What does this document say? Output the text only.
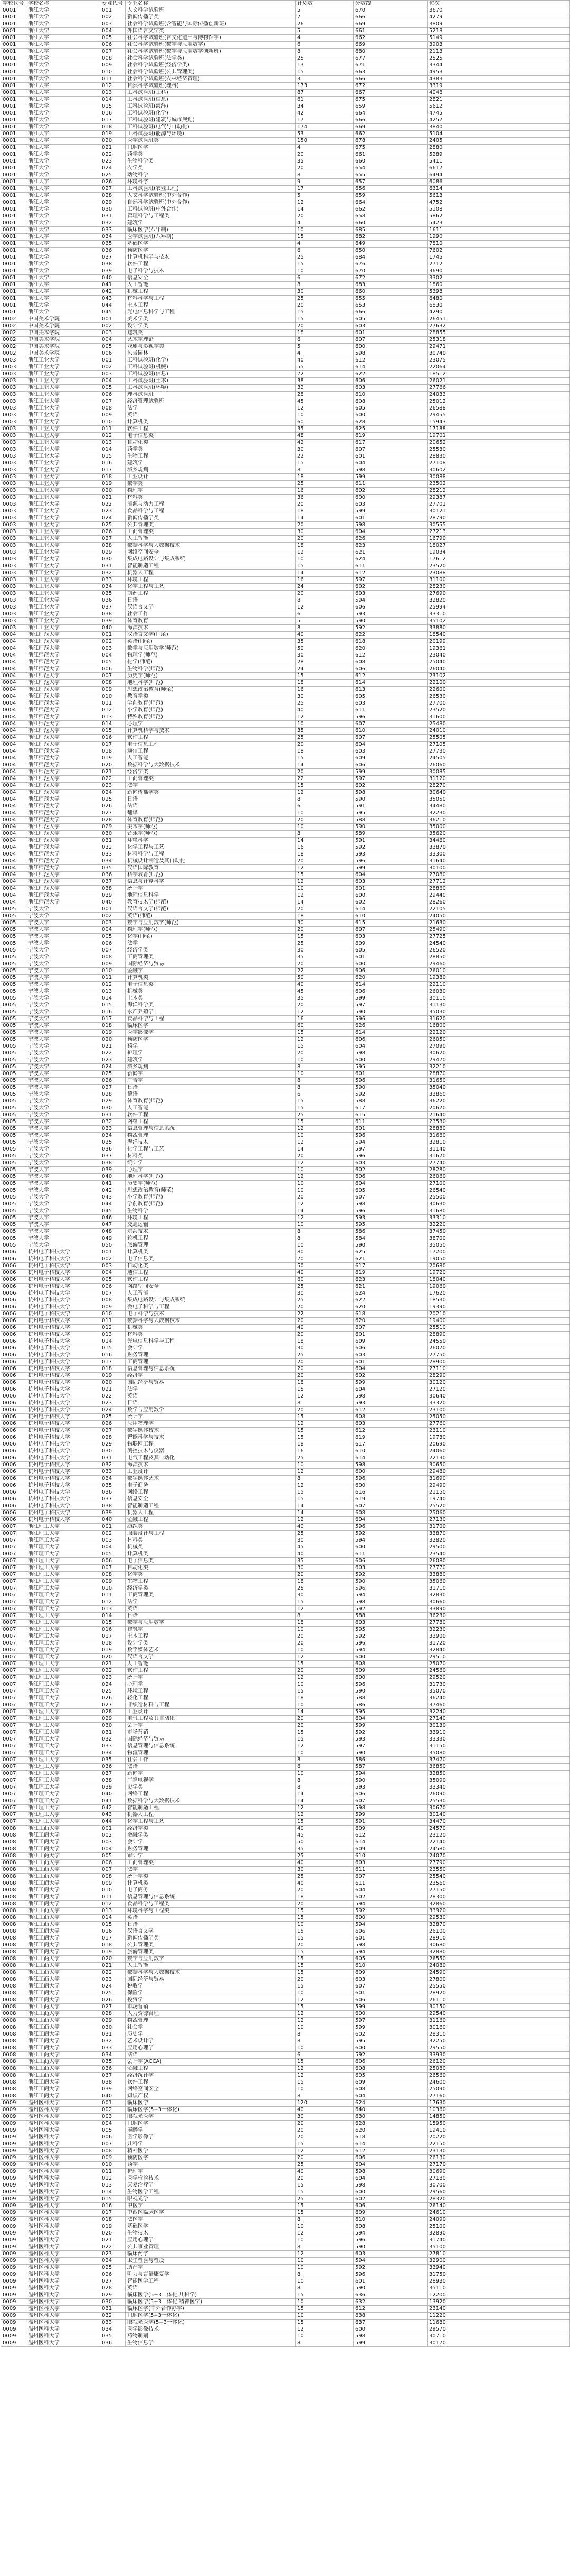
学校代号	学校名称	专业代号	专业名称	计划数	分数线	位次
0001	浙江大学	001	人文科学试验班	5	670	3670
0001	浙江大学	002	新闻传播学类	7	666	4279
0001	浙江大学	003	社会科学试验班(含智能与国际传播创新班)	26	669	3809
0001	浙江大学	004	外国语言文学类	5	661	5218
0001	浙江大学	005	社会科学试验班(含文化遗产与博物馆学)	4	662	5149
0001	浙江大学	006	社会科学试验班(数学与应用数学)	6	669	3903
0001	浙江大学	007	社会科学试验班(数学与应用数学创新班)	8	680	2113
0001	浙江大学	008	社会科学试验班(法学类)	25	677	2525
0001	浙江大学	009	社会科学试验班(经济学类)	13	671	3344
0001	浙江大学	010	社会科学试验班(公共管理类)	15	663	4953
0001	浙江大学	011	社会科学试验班(农林经济管理)	3	666	4383
0001	浙江大学	012	自然科学试验班(理科)	173	672	3319
0001	浙江大学	013	工科试验班(工科)	87	667	4046
0001	浙江大学	014	工科试验班(信息)	61	675	2821
0001	浙江大学	015	工科试验班(海洋)	34	659	5612
0001	浙江大学	016	工科试验班(化学)	42	664	4745
0001	浙江大学	017	工科试验班(建筑与城市规划)	17	666	4257
0001	浙江大学	018	工科试验班(电气与自动化)	174	669	3840
0001	浙江大学	019	工科试验班(能源与环境)	53	662	5104
0001	浙江大学	020	医学试验班类	150	678	2405
0001	浙江大学	021	口腔医学	4	675	2880
0001	浙江大学	022	药学类	20	661	5289
0001	浙江大学	023	生物科学类	35	660	5411
0001	浙江大学	024	农学类	20	654	6617
0001	浙江大学	025	动物科学	8	655	6494
0001	浙江大学	026	环境科学	9	657	6086
0001	浙江大学	027	工科试验班(农业工程)	17	656	6314
0001	浙江大学	028	人文科学试验班(中外合作)	5	659	5613
0001	浙江大学	029	自然科学试验班(中外合作)	12	664	4752
0001	浙江大学	030	工科试验班(中外合作)	14	662	5108
0001	浙江大学	031	管理科学与工程类	20	658	5862
0001	浙江大学	032	建筑学	4	660	5423
0001	浙江大学	033	临床医学(八年制)	10	685	1611
0001	浙江大学	034	医学试验班(八年制)	15	682	1990
0001	浙江大学	035	基础医学	4	649	7810
0001	浙江大学	036	预防医学	6	650	7602
0001	浙江大学	037	计算机科学与技术	25	684	1745
0001	浙江大学	038	软件工程	15	676	2712
0001	浙江大学	039	电子科学与技术	10	670	3690
0001	浙江大学	040	信息安全	6	672	3302
0001	浙江大学	041	人工智能	8	683	1860
0001	浙江大学	042	机械工程	30	660	5398
0001	浙江大学	043	材料科学与工程	25	655	6480
0001	浙江大学	044	土木工程	20	653	6830
0001	浙江大学	045	光电信息科学与工程	15	666	4290
0002	中国美术学院	001	美术学类	15	605	26451
0002	中国美术学院	002	设计学类	20	603	27632
0002	中国美术学院	003	建筑类	18	601	28855
0002	中国美术学院	004	艺术学理论	6	607	25318
0002	中国美术学院	005	戏剧与影视学类	5	600	29471
0002	中国美术学院	006	风景园林	4	598	30740
0003	浙江工业大学	001	工科试验班(化学)	40	612	23075
0003	浙江工业大学	002	工科试验班(机械)	55	614	22064
0003	浙江工业大学	003	工科试验班(信息)	72	622	18512
0003	浙江工业大学	004	工科试验班(土木)	38	606	26021
0003	浙江工业大学	005	工科试验班(环境)	32	603	27766
0003	浙江工业大学	006	理科试验班	28	610	24033
0003	浙江工业大学	007	经济管理试验班	45	608	25012
0003	浙江工业大学	008	法学	12	605	26588
0003	浙江工业大学	009	英语	10	600	29455
0003	浙江工业大学	010	计算机类	60	628	15943
0003	浙江工业大学	011	软件工程	35	625	17188
0003	浙江工业大学	012	电子信息类	48	619	19701
0003	浙江工业大学	013	自动化类	42	617	20652
0003	浙江工业大学	014	药学类	30	607	25530
0003	浙江工业大学	015	生物工程	22	601	28830
0003	浙江工业大学	016	建筑学	15	604	27108
0003	浙江工业大学	017	城乡规划	8	598	30602
0003	浙江工业大学	018	工业设计	18	599	30088
0003	浙江工业大学	019	数学类	25	611	23502
0003	浙江工业大学	020	物理学	16	602	28212
0003	浙江工业大学	021	材料类	36	600	29387
0003	浙江工业大学	022	能源与动力工程	20	603	27701
0003	浙江工业大学	023	食品科学与工程	18	599	30121
0003	浙江工业大学	024	新闻传播学类	14	601	28790
0003	浙江工业大学	025	公共管理类	20	598	30555
0003	浙江工业大学	026	工商管理类	30	604	27213
0003	浙江工业大学	027	人工智能	20	626	16790
0003	浙江工业大学	028	数据科学与大数据技术	18	623	18027
0003	浙江工业大学	029	网络空间安全	12	621	19034
0003	浙江工业大学	030	集成电路设计与集成系统	10	624	17612
0003	浙江工业大学	031	智能制造工程	15	611	23520
0003	浙江工业大学	032	机器人工程	14	612	23088
0003	浙江工业大学	033	环境工程	16	597	31100
0003	浙江工业大学	034	化学工程与工艺	24	602	28230
0003	浙江工业大学	035	制药工程	20	603	27690
0003	浙江工业大学	036	日语	8	594	32820
0003	浙江工业大学	037	汉语言文学	12	606	25994
0003	浙江工业大学	038	社会工作	6	593	33310
0003	浙江工业大学	039	体育教育	5	590	35102
0003	浙江工业大学	040	海洋技术	8	592	33880
0004	浙江师范大学	001	汉语言文学(师范)	40	622	18540
0004	浙江师范大学	002	英语(师范)	35	618	20199
0004	浙江师范大学	003	数学与应用数学(师范)	50	620	19361
0004	浙江师范大学	004	物理学(师范)	30	612	23040
0004	浙江师范大学	005	化学(师范)	28	608	25040
0004	浙江师范大学	006	生物科学(师范)	24	606	26040
0004	浙江师范大学	007	历史学(师范)	15	612	23102
0004	浙江师范大学	008	地理科学(师范)	18	614	22100
0004	浙江师范大学	009	思想政治教育(师范)	16	613	22600
0004	浙江师范大学	010	教育学类	30	605	26530
0004	浙江师范大学	011	学前教育(师范)	25	603	27700
0004	浙江师范大学	012	小学教育(师范)	40	611	23520
0004	浙江师范大学	013	特殊教育(师范)	12	596	31600
0004	浙江师范大学	014	心理学	10	607	25480
0004	浙江师范大学	015	计算机科学与技术	35	610	24010
0004	浙江师范大学	016	软件工程	25	607	25505
0004	浙江师范大学	017	电子信息工程	20	604	27105
0004	浙江师范大学	018	通信工程	18	603	27730
0004	浙江师范大学	019	人工智能	15	609	24505
0004	浙江师范大学	020	数据科学与大数据技术	14	606	26060
0004	浙江师范大学	021	经济学类	20	599	30085
0004	浙江师范大学	022	工商管理类	22	597	31120
0004	浙江师范大学	023	法学	15	602	28270
0004	浙江师范大学	024	新闻传播学类	12	598	30640
0004	浙江师范大学	025	日语	8	590	35050
0004	浙江师范大学	026	法语	6	591	34480
0004	浙江师范大学	027	翻译	10	595	32230
0004	浙江师范大学	028	体育教育(师范)	20	588	36210
0004	浙江师范大学	029	美术学(师范)	10	590	35000
0004	浙江师范大学	030	音乐学(师范)	8	589	35620
0004	浙江师范大学	031	环境科学	14	591	34460
0004	浙江师范大学	032	化学工程与工艺	16	592	33870
0004	浙江师范大学	033	材料科学与工程	18	593	33300
0004	浙江师范大学	034	机械设计制造及其自动化	20	596	31640
0004	浙江师范大学	035	汉语国际教育	12	599	30100
0004	浙江师范大学	036	科学教育(师范)	15	604	27080
0004	浙江师范大学	037	信息与计算科学	12	603	27712
0004	浙江师范大学	038	统计学	10	601	28860
0004	浙江师范大学	039	地理信息科学	12	600	29440
0004	浙江师范大学	040	教育技术学(师范)	14	602	28260
0005	宁波大学	001	汉语言文学(师范)	20	614	22105
0005	宁波大学	002	英语(师范)	18	610	24050
0005	宁波大学	003	数学与应用数学(师范)	30	615	21630
0005	宁波大学	004	物理学(师范)	20	607	25490
0005	宁波大学	005	化学(师范)	15	603	27725
0005	宁波大学	006	法学	25	609	24540
0005	宁波大学	007	经济学类	30	605	26520
0005	宁波大学	008	工商管理类	35	601	28850
0005	宁波大学	009	国际经济与贸易	20	600	29460
0005	宁波大学	010	金融学	22	606	26010
0005	宁波大学	011	计算机类	50	620	19380
0005	宁波大学	012	电子信息类	40	614	22110
0005	宁波大学	013	机械类	45	606	26030
0005	宁波大学	014	土木类	35	599	30110
0005	宁波大学	015	海洋科学类	20	597	31130
0005	宁波大学	016	水产养殖学	12	590	35030
0005	宁波大学	017	食品科学与工程	16	596	31620
0005	宁波大学	018	临床医学	60	626	16800
0005	宁波大学	019	医学影像学	15	614	22120
0005	宁波大学	020	预防医学	12	606	26050
0005	宁波大学	021	药学	15	604	27090
0005	宁波大学	022	护理学	20	598	30620
0005	宁波大学	023	建筑学	10	600	29470
0005	宁波大学	024	城乡规划	8	595	32210
0005	宁波大学	025	新闻学	10	601	28870
0005	宁波大学	026	广告学	8	596	31650
0005	宁波大学	027	日语	8	590	35040
0005	宁波大学	028	德语	6	592	33860
0005	宁波大学	029	体育教育(师范)	15	588	36220
0005	宁波大学	030	人工智能	15	617	20670
0005	宁波大学	031	软件工程	25	615	21640
0005	宁波大学	032	网络工程	15	611	23530
0005	宁波大学	033	信息管理与信息系统	12	601	28880
0005	宁波大学	034	物流管理	10	596	31660
0005	宁波大学	035	海洋技术	12	594	32810
0005	宁波大学	036	化学工程与工艺	14	597	31140
0005	宁波大学	037	材料类	20	596	31670
0005	宁波大学	038	统计学	12	603	27740
0005	宁波大学	039	心理学	10	602	28280
0005	宁波大学	040	地理科学(师范)	12	606	26060
0005	宁波大学	041	历史学(师范)	10	604	27100
0005	宁波大学	042	思想政治教育(师范)	10	605	26540
0005	宁波大学	043	小学教育(师范)	20	607	25500
0005	宁波大学	044	学前教育(师范)	12	598	30630
0005	宁波大学	045	生物科学	14	596	31680
0005	宁波大学	046	环境工程	12	593	33310
0005	宁波大学	047	交通运输	10	595	32220
0005	宁波大学	048	航海技术	8	586	37450
0005	宁波大学	049	轮机工程	8	584	38700
0005	宁波大学	050	旅游管理	10	590	35050
0006	杭州电子科技大学	001	计算机类	80	625	17200
0006	杭州电子科技大学	002	电子信息类	70	621	19050
0006	杭州电子科技大学	003	自动化类	50	617	20680
0006	杭州电子科技大学	004	通信工程	40	619	19720
0006	杭州电子科技大学	005	软件工程	60	623	18040
0006	杭州电子科技大学	006	网络空间安全	25	621	19060
0006	杭州电子科技大学	007	人工智能	30	624	17620
0006	杭州电子科技大学	008	集成电路设计与集成系统	25	622	18530
0006	杭州电子科技大学	009	微电子科学与工程	20	620	19390
0006	杭州电子科技大学	010	电子科学与技术	22	618	20210
0006	杭州电子科技大学	011	数据科学与大数据技术	20	620	19400
0006	杭州电子科技大学	012	机械类	40	607	25510
0006	杭州电子科技大学	013	材料类	20	601	28890
0006	杭州电子科技大学	014	光电信息科学与工程	18	609	24550
0006	杭州电子科技大学	015	会计学	30	606	26070
0006	杭州电子科技大学	016	财务管理	25	603	27750
0006	杭州电子科技大学	017	工商管理	20	601	28900
0006	杭州电子科技大学	018	信息管理与信息系统	20	604	27110
0006	杭州电子科技大学	019	经济学	20	602	28290
0006	杭州电子科技大学	020	国际经济与贸易	18	599	30120
0006	杭州电子科技大学	021	法学	15	604	27120
0006	杭州电子科技大学	022	英语	12	598	30640
0006	杭州电子科技大学	023	日语	8	593	33320
0006	杭州电子科技大学	024	数学与应用数学	20	612	23100
0006	杭州电子科技大学	025	统计学	15	608	25050
0006	杭州电子科技大学	026	应用物理学	12	603	27760
0006	杭州电子科技大学	027	数字媒体技术	15	612	23110
0006	杭州电子科技大学	028	智能科学与技术	15	619	19730
0006	杭州电子科技大学	029	物联网工程	18	617	20690
0006	杭州电子科技大学	030	测控技术与仪器	16	610	24060
0006	杭州电子科技大学	031	电气工程及其自动化	25	614	22130
0006	杭州电子科技大学	032	海洋技术	10	598	30650
0006	杭州电子科技大学	033	工业设计	12	600	29480
0006	杭州电子科技大学	034	数字媒体艺术	8	596	31690
0006	杭州电子科技大学	035	电子商务	12	600	29490
0006	杭州电子科技大学	036	网络工程	15	616	21150
0006	杭州电子科技大学	037	信息安全	15	619	19740
0006	杭州电子科技大学	038	智能制造工程	14	607	25520
0006	杭州电子科技大学	039	机器人工程	14	608	25060
0006	杭州电子科技大学	040	金融工程	12	604	27130
0007	浙江理工大学	001	纺织类	40	596	31700
0007	浙江理工大学	002	服装设计与工程	25	592	33870
0007	浙江理工大学	003	材料类	30	594	32820
0007	浙江理工大学	004	机械类	45	600	29500
0007	浙江理工大学	005	计算机类	40	611	23540
0007	浙江理工大学	006	电子信息类	35	606	26080
0007	浙江理工大学	007	自动化类	30	603	27770
0007	浙江理工大学	008	化学类	20	592	33880
0007	浙江理工大学	009	生物工程	18	590	35060
0007	浙江理工大学	010	经济学类	25	596	31710
0007	浙江理工大学	011	工商管理类	30	594	32830
0007	浙江理工大学	012	法学	15	598	30660
0007	浙江理工大学	013	英语	12	592	33890
0007	浙江理工大学	014	日语	8	588	36230
0007	浙江理工大学	015	数学与应用数学	18	603	27780
0007	浙江理工大学	016	建筑学	10	595	32230
0007	浙江理工大学	017	土木工程	20	592	33900
0007	浙江理工大学	018	设计学类	20	596	31720
0007	浙江理工大学	019	数字媒体艺术	10	594	32840
0007	浙江理工大学	020	汉语言文学	12	600	29510
0007	浙江理工大学	021	人工智能	15	608	25070
0007	浙江理工大学	022	软件工程	20	609	24560
0007	浙江理工大学	023	统计学	12	600	29520
0007	浙江理工大学	024	心理学	10	596	31730
0007	浙江理工大学	025	环境工程	15	590	35070
0007	浙江理工大学	026	轻化工程	18	588	36240
0007	浙江理工大学	027	非织造材料与工程	10	586	37460
0007	浙江理工大学	028	工业设计	14	595	32240
0007	浙江理工大学	029	电气工程及其自动化	20	604	27140
0007	浙江理工大学	030	会计学	20	599	30130
0007	浙江理工大学	031	市场营销	15	592	33910
0007	浙江理工大学	032	国际经济与贸易	15	593	33330
0007	浙江理工大学	033	信息管理与信息系统	12	597	31150
0007	浙江理工大学	034	物流管理	10	590	35080
0007	浙江理工大学	035	社会工作	8	586	37470
0007	浙江理工大学	036	法语	6	587	36850
0007	浙江理工大学	037	新闻学	10	594	32850
0007	浙江理工大学	038	广播电视学	8	590	35090
0007	浙江理工大学	039	史学类	8	593	33340
0007	浙江理工大学	040	网络工程	14	606	26090
0007	浙江理工大学	041	数据科学与大数据技术	14	607	25530
0007	浙江理工大学	042	智能制造工程	12	598	30670
0007	浙江理工大学	043	机器人工程	12	599	30140
0007	浙江理工大学	044	化学工程与工艺	15	591	34470
0008	浙江工商大学	001	经济学类	40	609	24570
0008	浙江工商大学	002	金融学类	45	612	23120
0008	浙江工商大学	003	会计学	50	614	22140
0008	浙江工商大学	004	财务管理	35	609	24580
0008	浙江工商大学	005	审计学	25	610	24070
0008	浙江工商大学	006	工商管理类	40	603	27790
0008	浙江工商大学	007	法学	30	611	23550
0008	浙江工商大学	008	统计学类	25	607	25540
0008	浙江工商大学	009	计算机类	40	611	23560
0008	浙江工商大学	010	电子商务	20	604	27150
0008	浙江工商大学	011	信息管理与信息系统	18	602	28300
0008	浙江工商大学	012	食品科学与工程类	20	594	32860
0008	浙江工商大学	013	环境科学与工程类	15	592	33920
0008	浙江工商大学	014	英语	15	600	29530
0008	浙江工商大学	015	日语	10	594	32870
0008	浙江工商大学	016	汉语言文学	15	606	26100
0008	浙江工商大学	017	新闻传播学类	15	601	28910
0008	浙江工商大学	018	公共管理类	20	598	30680
0008	浙江工商大学	019	旅游管理类	15	594	32880
0008	浙江工商大学	020	数学与应用数学	15	605	26550
0008	浙江工商大学	021	人工智能	15	610	24080
0008	浙江工商大学	022	数据科学与大数据技术	15	609	24590
0008	浙江工商大学	023	国际经济与贸易	20	603	27800
0008	浙江工商大学	024	税收学	15	607	25550
0008	浙江工商大学	025	保险学	10	601	28920
0008	浙江工商大学	026	投资学	12	606	26110
0008	浙江工商大学	027	市场营销	15	599	30150
0008	浙江工商大学	028	人力资源管理	12	600	29540
0008	浙江工商大学	029	物流管理	12	597	31160
0008	浙江工商大学	030	社会学	10	599	30160
0008	浙江工商大学	031	历史学	8	602	28310
0008	浙江工商大学	032	艺术设计学	8	595	32250
0008	浙江工商大学	033	应用心理学	10	600	29550
0008	浙江工商大学	034	法语	6	592	33930
0008	浙江工商大学	035	会计学(ACCA)	15	606	26120
0008	浙江工商大学	036	金融工程	12	608	25080
0008	浙江工商大学	037	经济统计学	12	605	26560
0008	浙江工商大学	038	软件工程	15	609	24600
0008	浙江工商大学	039	网络空间安全	10	608	25090
0008	浙江工商大学	040	知识产权	8	604	27160
0009	温州医科大学	001	临床医学	120	624	17630
0009	温州医科大学	002	临床医学(5+3一体化)	40	640	10360
0009	温州医科大学	003	眼视光医学	30	630	14850
0009	温州医科大学	004	口腔医学	20	628	15950
0009	温州医科大学	005	麻醉学	20	620	19410
0009	温州医科大学	006	医学影像学	20	618	20220
0009	温州医科大学	007	儿科学	15	614	22150
0009	温州医科大学	008	精神医学	12	612	23130
0009	温州医科大学	009	预防医学	20	606	26130
0009	温州医科大学	010	药学	25	604	27170
0009	温州医科大学	011	护理学	40	598	30690
0009	温州医科大学	012	医学检验技术	20	604	27180
0009	温州医科大学	013	康复治疗学	15	598	30700
0009	温州医科大学	014	生物医学工程	15	600	29560
0009	温州医科大学	015	眼视光学	25	602	28320
0009	温州医科大学	016	中医学	15	606	26140
0009	温州医科大学	017	中西医临床医学	15	609	24610
0009	温州医科大学	018	法医学	8	610	24090
0009	温州医科大学	019	基础医学	10	608	25100
0009	温州医科大学	020	生物技术	12	594	32890
0009	温州医科大学	021	应用心理学	10	596	31740
0009	温州医科大学	022	公共事业管理	8	590	35100
0009	温州医科大学	023	临床药学	12	603	27810
0009	温州医科大学	024	卫生检验与检疫	10	594	32900
0009	温州医科大学	025	助产学	10	592	33940
0009	温州医科大学	026	听力与言语康复学	8	596	31750
0009	温州医科大学	027	智能医学工程	10	601	28930
0009	温州医科大学	028	英语	8	590	35110
0009	温州医科大学	029	临床医学(5+3一体化,儿科学)	15	636	12200
0009	温州医科大学	030	临床医学(5+3一体化,精神医学)	10	632	13920
0009	温州医科大学	031	临床医学(中外合作办学)	15	612	23140
0009	温州医科大学	032	口腔医学(5+3一体化)	10	638	11220
0009	温州医科大学	033	眼视光医学(5+3一体化)	15	637	11680
0009	温州医科大学	034	医学影像技术	12	600	29570
0009	温州医科大学	035	药物制剂	10	598	30710
0009	温州医科大学	036	生物信息学	8	599	30170
